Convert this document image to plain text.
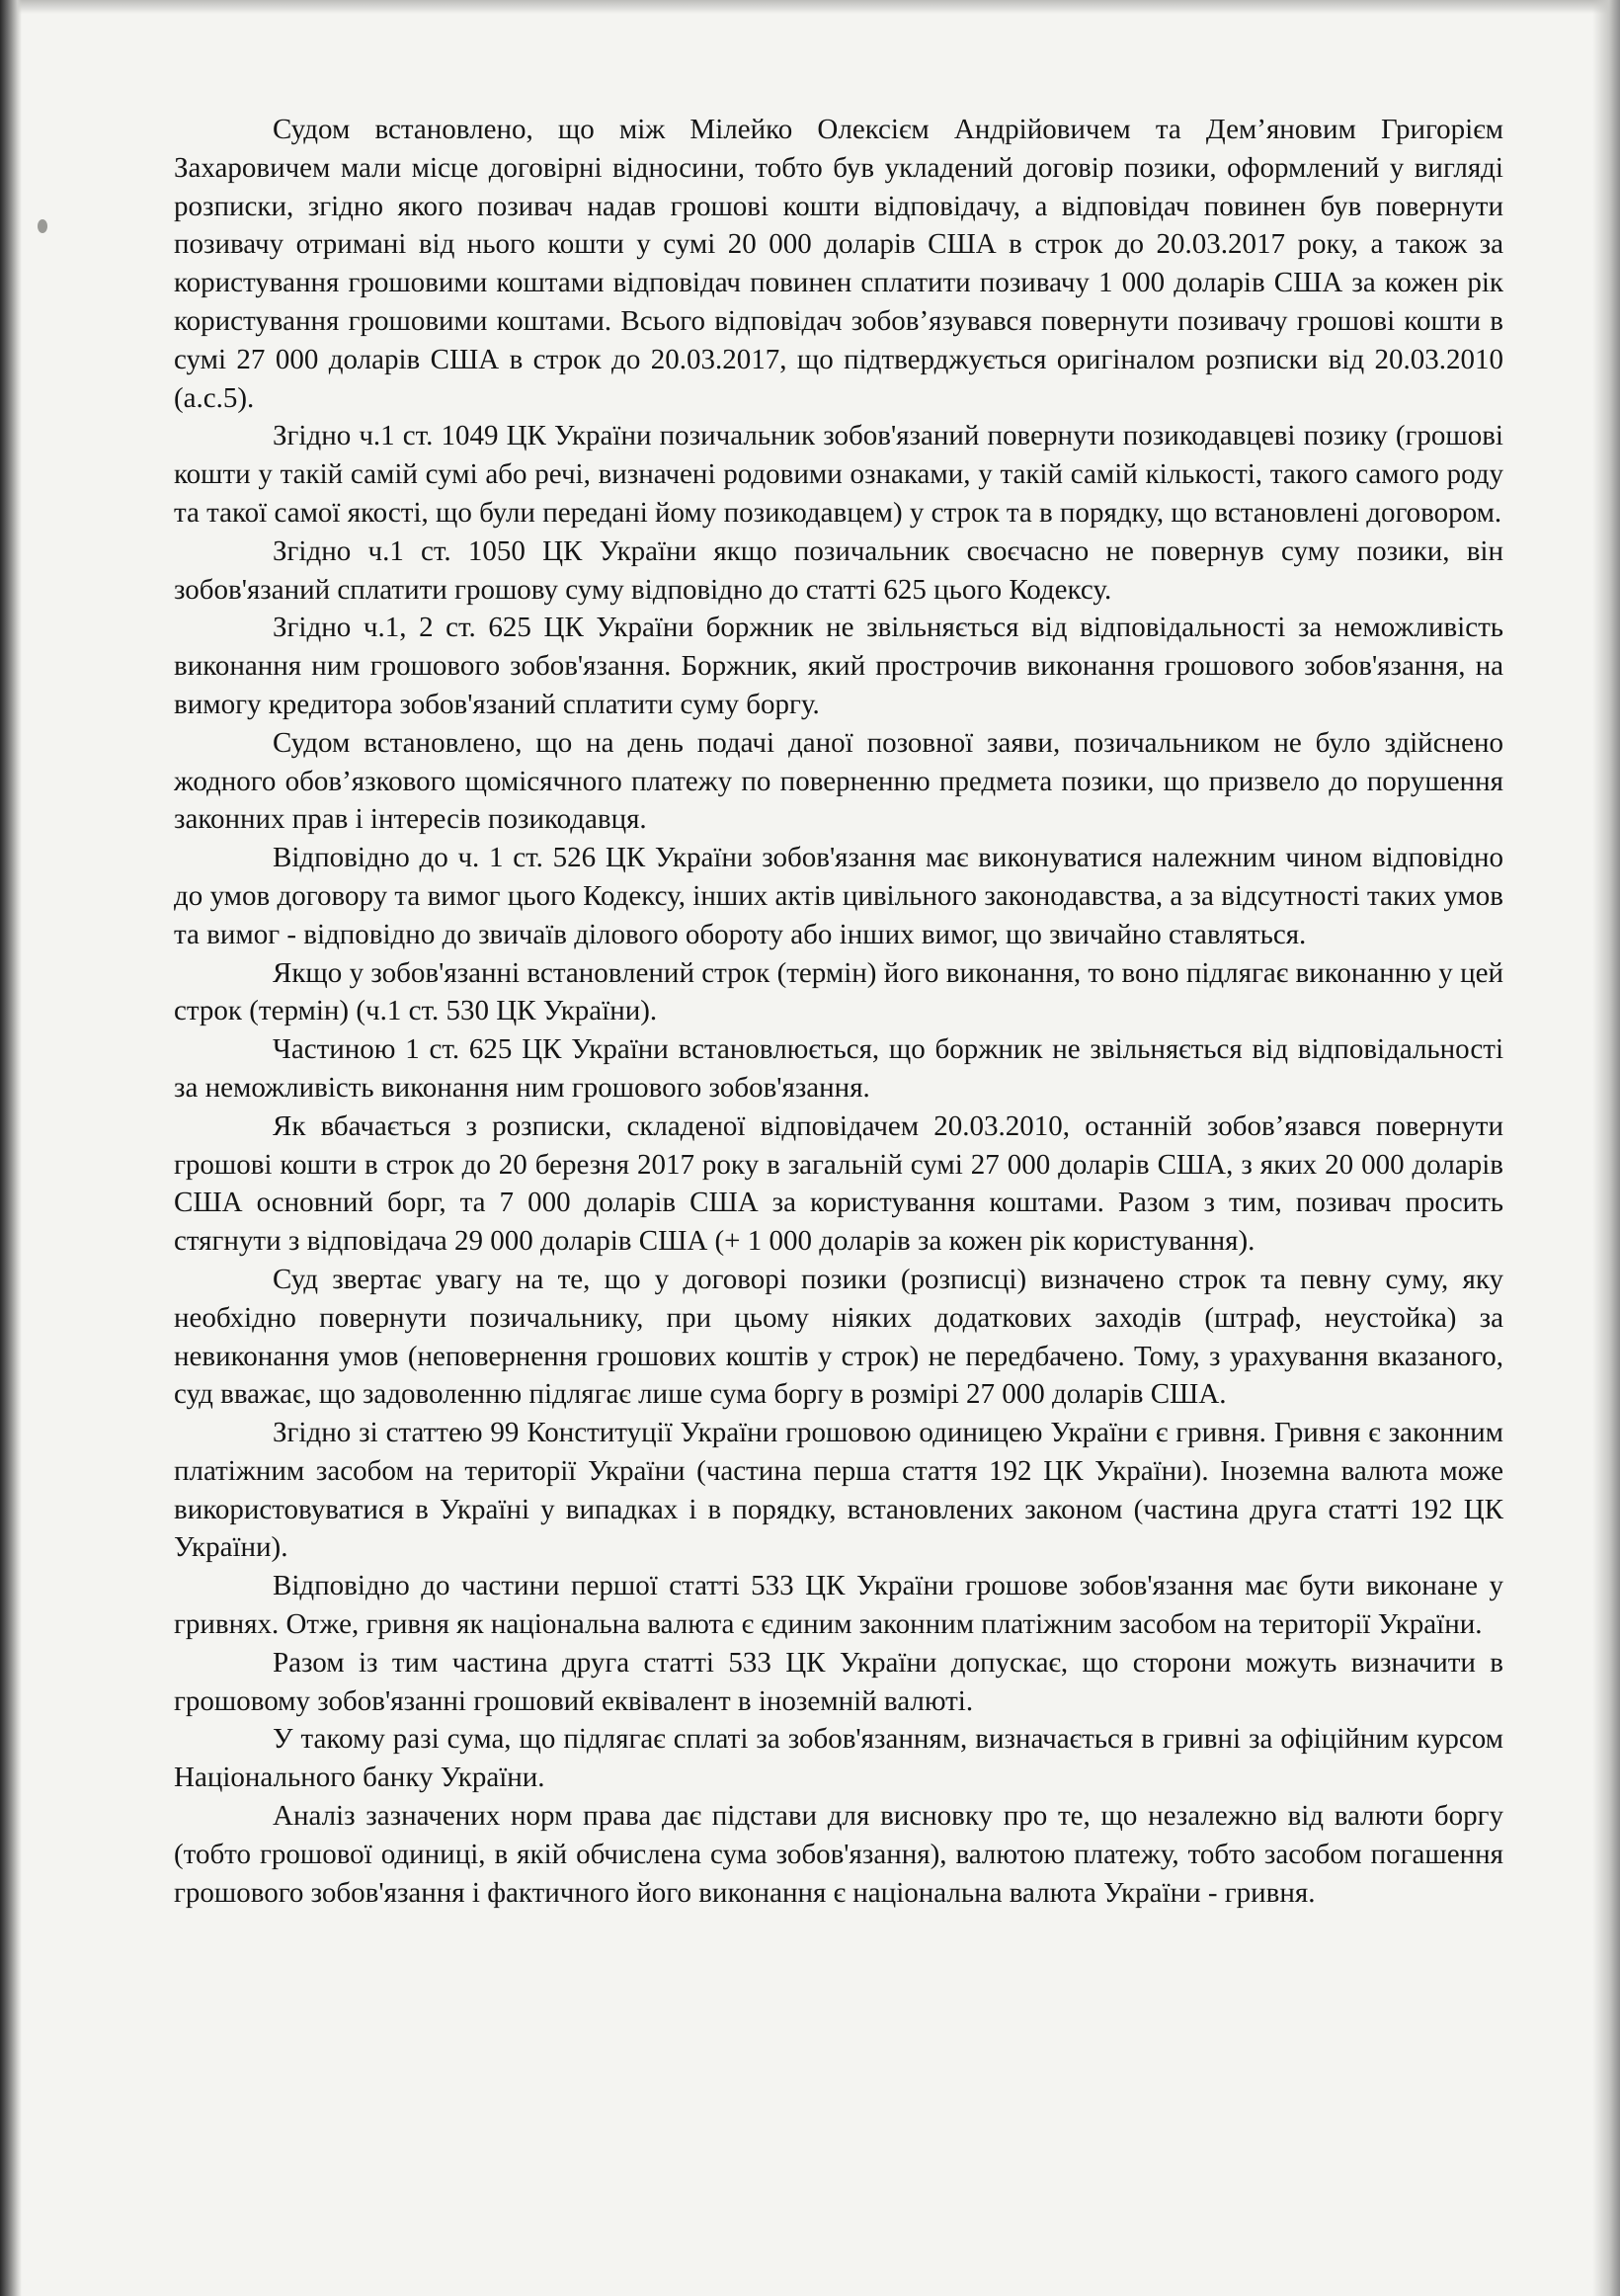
Судом встановлено, що між Мілейко Олексієм Андрійовичем та Дем’яновим Григорієм Захаровичем мали місце договірні відносини, тобто був укладений договір позики, оформлений у вигляді розписки, згідно якого позивач надав грошові кошти відповідачу, а відповідач повинен був повернути позивачу отримані від нього кошти у сумі 20 000 доларів США в строк до 20.03.2017 року, а також за користування грошовими коштами відповідач повинен сплатити позивачу 1 000 доларів США за кожен рік користування грошовими коштами. Всього відповідач зобов’язувався повернути позивачу грошові кошти в сумі 27 000 доларів США в строк до 20.03.2017, що підтверджується оригіналом розписки від 20.03.2010 (а.с.5).

Згідно ч.1 ст. 1049 ЦК України позичальник зобов'язаний повернути позикодавцеві позику (грошові кошти у такій самій сумі або речі, визначені родовими ознаками, у такій самій кількості, такого самого роду та такої самої якості, що були передані йому позикодавцем) у строк та в порядку, що встановлені договором.

Згідно ч.1 ст. 1050 ЦК України якщо позичальник своєчасно не повернув суму позики, він зобов'язаний сплатити грошову суму відповідно до статті 625 цього Кодексу.

Згідно ч.1, 2 ст. 625 ЦК України боржник не звільняється від відповідальності за неможливість виконання ним грошового зобов'язання. Боржник, який прострочив виконання грошового зобов'язання, на вимогу кредитора зобов'язаний сплатити суму боргу.

Судом встановлено, що на день подачі даної позовної заяви, позичальником не було здійснено жодного обов’язкового щомісячного платежу по поверненню предмета позики, що призвело до порушення законних прав і інтересів позикодавця.

Відповідно до ч. 1 ст. 526 ЦК України зобов'язання має виконуватися належним чином відповідно до умов договору та вимог цього Кодексу, інших актів цивільного законодавства, а за відсутності таких умов та вимог - відповідно до звичаїв ділового обороту або інших вимог, що звичайно ставляться.

Якщо у зобов'язанні встановлений строк (термін) його виконання, то воно підлягає виконанню у цей строк (термін) (ч.1 ст. 530 ЦК України).

Частиною 1 ст. 625 ЦК України встановлюється, що боржник не звільняється від відповідальності за неможливість виконання ним грошового зобов'язання.

Як вбачається з розписки, складеної відповідачем 20.03.2010, останній зобов’язався повернути грошові кошти в строк до 20 березня 2017 року в загальній сумі 27 000 доларів США, з яких 20 000 доларів США основний борг, та 7 000 доларів США за користування коштами. Разом з тим, позивач просить стягнути з відповідача 29 000 доларів США (+ 1 000 доларів за кожен рік користування).

Суд звертає увагу на те, що у договорі позики (розписці) визначено строк та певну суму, яку необхідно повернути позичальнику, при цьому ніяких додаткових заходів (штраф, неустойка) за невиконання умов (неповернення грошових коштів у строк) не передбачено. Тому, з урахування вказаного, суд вважає, що задоволенню підлягає лише сума боргу в розмірі 27 000 доларів США.

Згідно зі статтею 99 Конституції України грошовою одиницею України є гривня. Гривня є законним платіжним засобом на території України (частина перша стаття 192 ЦК України). Іноземна валюта може використовуватися в Україні у випадках і в порядку, встановлених законом (частина друга статті 192 ЦК України).

Відповідно до частини першої статті 533 ЦК України грошове зобов'язання має бути виконане у гривнях. Отже, гривня як національна валюта є єдиним законним платіжним засобом на території України.

Разом із тим частина друга статті 533 ЦК України допускає, що сторони можуть визначити в грошовому зобов'язанні грошовий еквівалент в іноземній валюті.

У такому разі сума, що підлягає сплаті за зобов'язанням, визначається в гривні за офіційним курсом Національного банку України.

Аналіз зазначених норм права дає підстави для висновку про те, що незалежно від валюти боргу (тобто грошової одиниці, в якій обчислена сума зобов'язання), валютою платежу, тобто засобом погашення грошового зобов'язання і фактичного його виконання є національна валюта України - гривня.
